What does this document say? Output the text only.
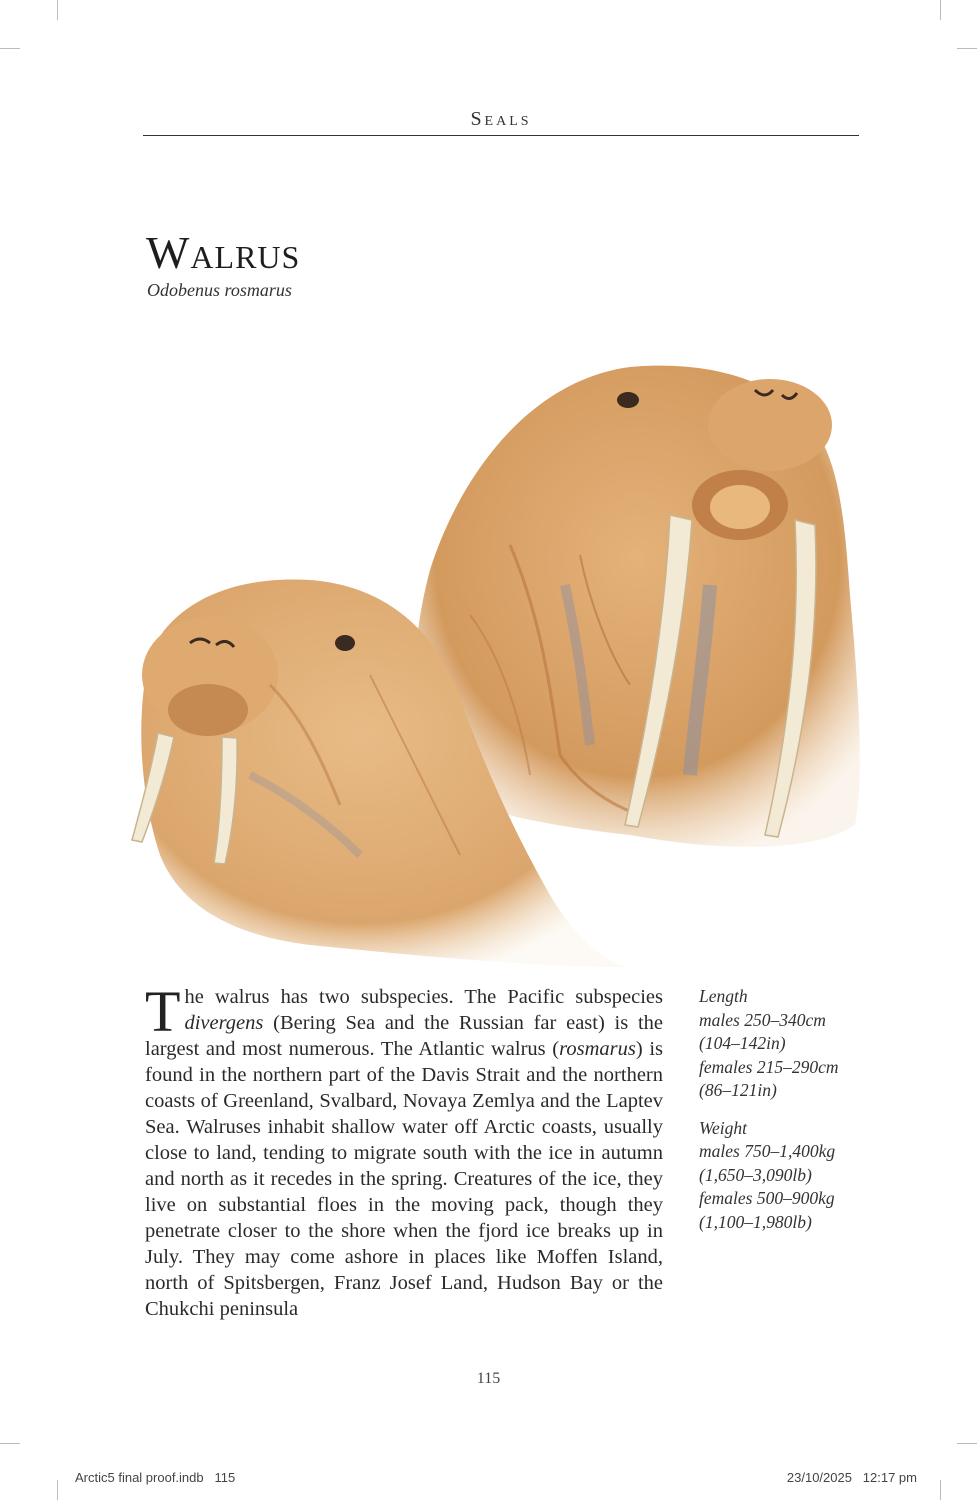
Seals
Walrus
Odobenus rosmarus

The walrus has two subspecies. The Pacific subspecies divergens (Bering Sea and the Russian far east) is the largest and most numerous. The Atlantic walrus (rosmarus) is found in the northern part of the Davis Strait and the northern coasts of Greenland, Svalbard, Novaya Zemlya and the Laptev Sea. Walruses inhabit shallow water off Arctic coasts, usually close to land, tending to migrate south with the ice in autumn and north as it recedes in the spring. Creatures of the ice, they live on substantial floes in the moving pack, though they penetrate closer to the shore when the fjord ice breaks up in July. They may come ashore in places like Moffen Island, north of Spitsbergen, Franz Josef Land, Hudson Bay or the Chukchi peninsula

Length
males 250–340cm
(104–142in)
females 215–290cm
(86–121in)
Weight
males 750–1,400kg
(1,650–3,090lb)
females 500–900kg
(1,100–1,980lb)
115
Arctic5 final proof.indb   115	23/10/2025   12:17 pm
